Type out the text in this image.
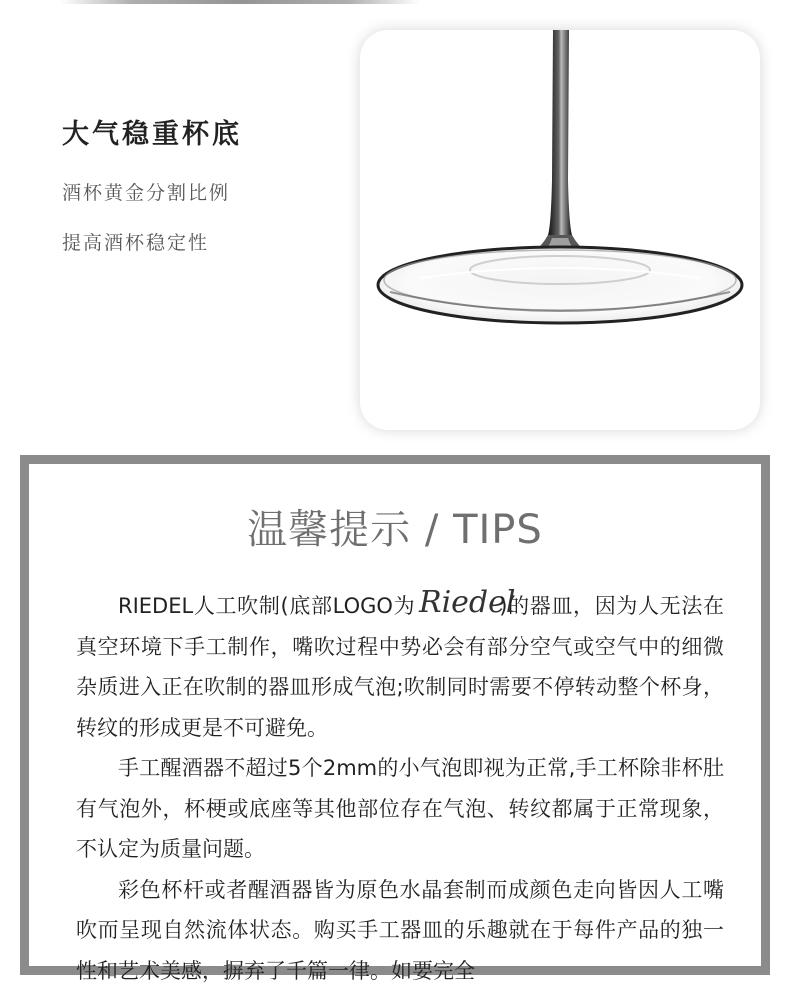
大气稳重杯底
酒杯黄金分割比例
提高酒杯稳定性
温馨提示 / TIPS

RIEDEL人工吹制(底部LOGO为 Riedel
)的器皿，因为人无法在真空环境下手工制作，嘴吹过程中势必会有部分空气或空气中的细微杂质进入正在吹制的器皿形成气泡;吹制同时需要不停转动整个杯身，转纹的形成更是不可避免。

手工醒酒器不超过5个2mm的小气泡即视为正常,手工杯除非杯肚有气泡外，杯梗或底座等其他部位存在气泡、转纹都属于正常现象，不认定为质量问题。

彩色杯杆或者醒酒器皆为原色水晶套制而成颜色走向皆因人工嘴吹而呈现自然流体状态。购买手工器皿的乐趣就在于每件产品的独一性和艺术美感，摒弃了千篇一律。如要完全
